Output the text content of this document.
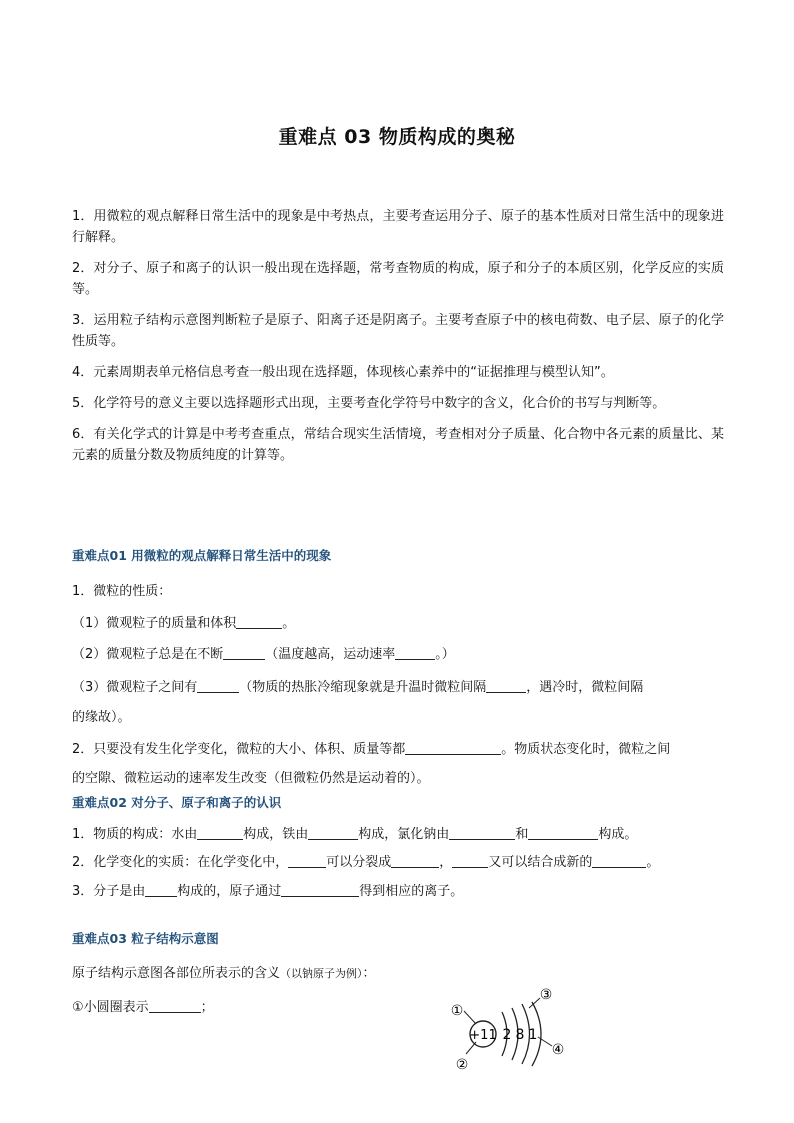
重难点 03 物质构成的奥秘

1．用微粒的观点解释日常生活中的现象是中考热点，主要考查运用分子、原子的基本性质对日常生活中的现象进行解释。

2．对分子、原子和离子的认识一般出现在选择题，常考查物质的构成，原子和分子的本质区别，化学反应的实质等。

3．运用粒子结构示意图判断粒子是原子、阳离子还是阴离子。主要考查原子中的核电荷数、电子层、原子的化学性质等。

4．元素周期表单元格信息考查一般出现在选择题，体现核心素养中的“证据推理与模型认知”。

5．化学符号的意义主要以选择题形式出现，主要考查化学符号中数字的含义，化合价的书写与判断等。

6．有关化学式的计算是中考考查重点，常结合现实生活情境，考查相对分子质量、化合物中各元素的质量比、某元素的质量分数及物质纯度的计算等。

重难点01 用微粒的观点解释日常生活中的现象
1．微粒的性质：
（1）微观粒子的质量和体积	。
（2）微观粒子总是在不断	（温度越高，运动速率	。）
（3）微观粒子之间有	（物质的热胀冷缩现象就是升温时微粒间隔	，遇冷时，微粒间隔
的缘故）。
2．只要没有发生化学变化，微粒的大小、体积、质量等都	。物质状态变化时，微粒之间
的空隙、微粒运动的速率发生改变（但微粒仍然是运动着的）。
重难点02 对分子、原子和离子的认识
1．物质的构成：水由	构成，铁由	构成，氯化钠由	和	构成。
2．化学变化的实质：在化学变化中，	可以分裂成	，	又可以结合成新的	。
3．分子是由 构成的，原子通过	得到相应的离子。
重难点03 粒子结构示意图
原子结构示意图各部位所表示的含义（以钠原子为例）：
①小圆圈表示	；
+11 2 8 1
①
②
③
④
